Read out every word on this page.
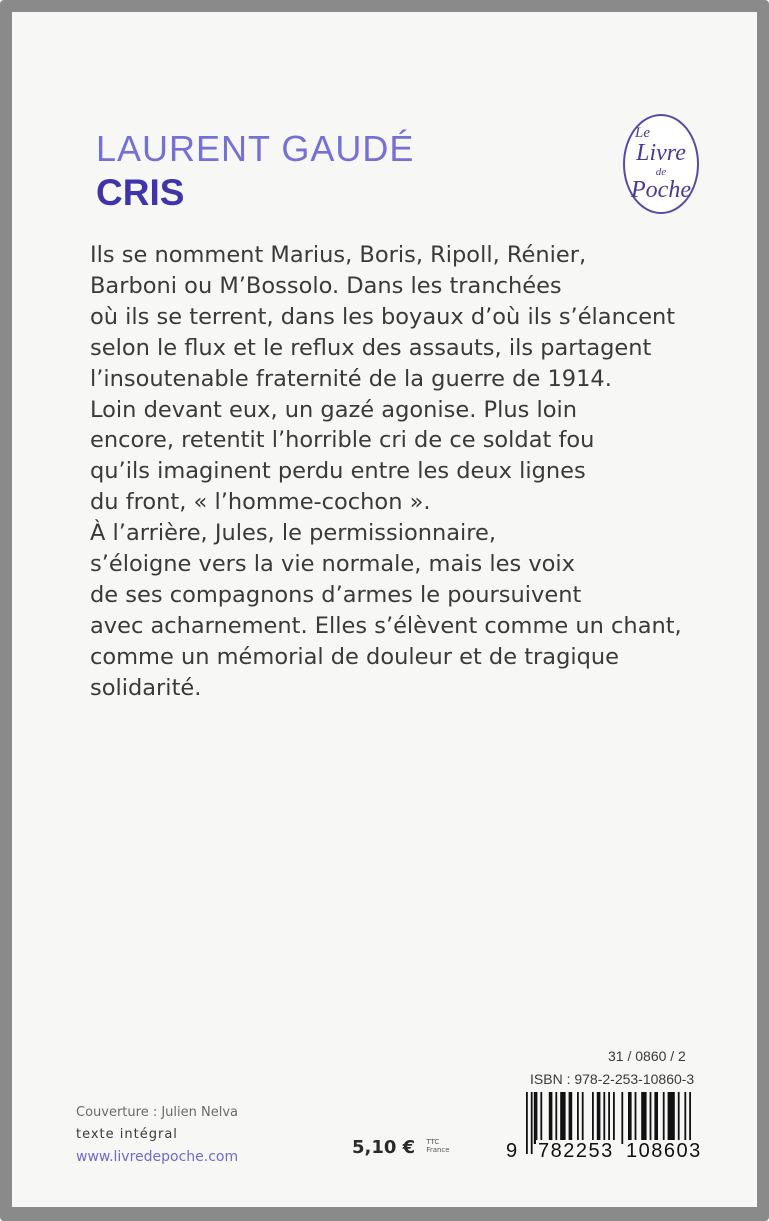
LAURENT GAUDÉ
CRIS
Le
Livre
de
Poche
Ils se nomment Marius, Boris, Ripoll, Rénier,
Barboni ou M’Bossolo. Dans les tranchées
où ils se terrent, dans les boyaux d’où ils s’élancent
selon le flux et le reflux des assauts, ils partagent
l’insoutenable fraternité de la guerre de 1914.
Loin devant eux, un gazé agonise. Plus loin
encore, retentit l’horrible cri de ce soldat fou
qu’ils imaginent perdu entre les deux lignes
du front, « l’homme-cochon ».
À l’arrière, Jules, le permissionnaire,
s’éloigne vers la vie normale, mais les voix
de ses compagnons d’armes le poursuivent
avec acharnement. Elles s’élèvent comme un chant,
comme un mémorial de douleur et de tragique
solidarité.
Couverture : Julien Nelva
texte intégral
www.livredepoche.com	5,10 € TTC
France
31 / 0860 / 2
ISBN : 978-2-253-10860-3
9 782253 108603
